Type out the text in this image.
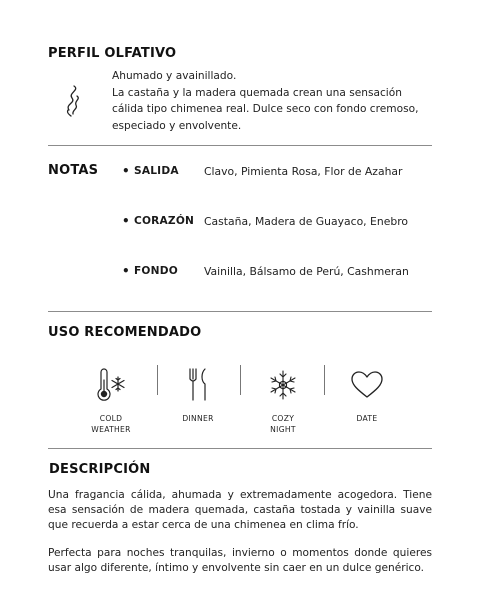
PERFIL OLFATIVO
Ahumado y avainillado.
La castaña y la madera quemada crean una sensación cálida tipo chimenea real. Dulce seco con fondo cremoso, especiado y envolvente.
NOTAS • SALIDA Clavo, Pimienta Rosa, Flor de Azahar
• CORAZÓN Castaña, Madera de Guayaco, Enebro
• FONDO Vainilla, Bálsamo de Perú, Cashmeran
USO RECOMENDADO
COLD
WEATHER
DINNER	COZY
NIGHT
DATE
DESCRIPCIÓN
Una fragancia cálida, ahumada y extremadamente acogedora. Tiene esa sensación de madera quemada, castaña tostada y vainilla suave que recuerda a estar cerca de una chimenea en clima frío.
Perfecta para noches tranquilas, invierno o momentos donde quieres usar algo diferente, íntimo y envolvente sin caer en un dulce genérico.
